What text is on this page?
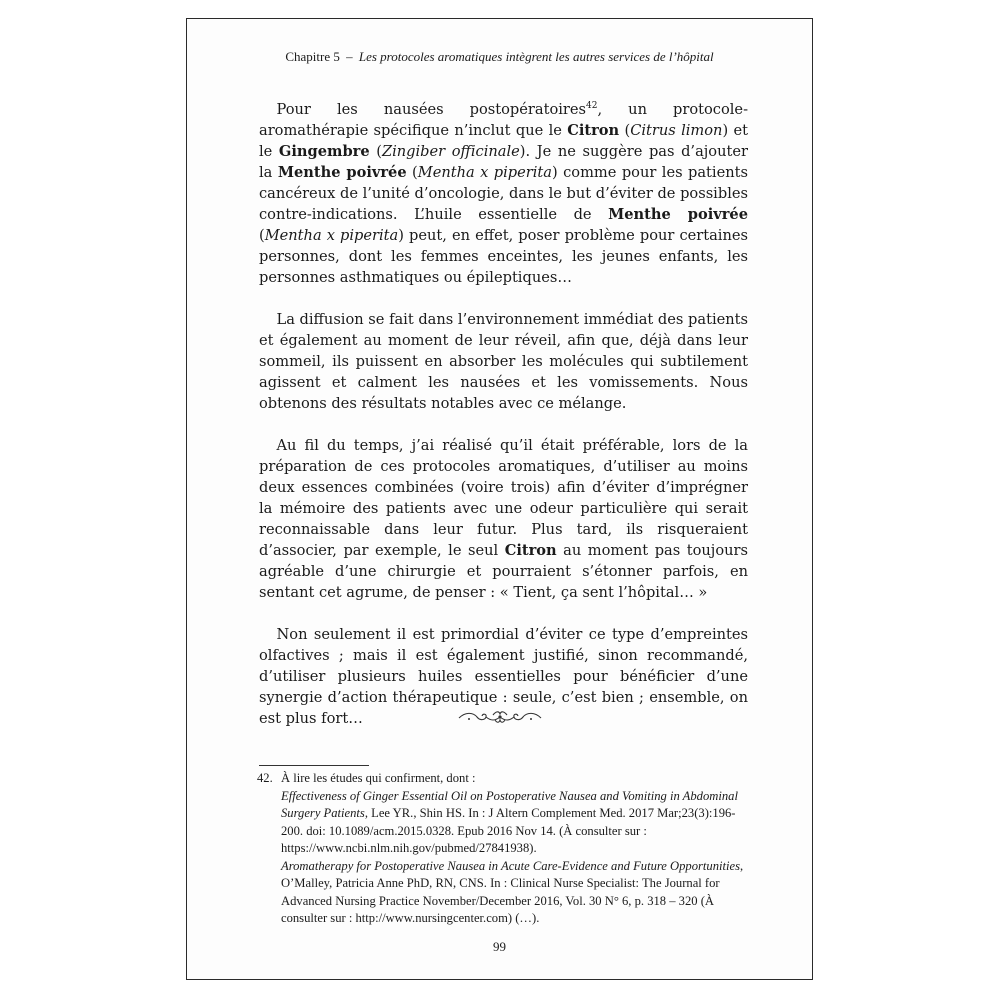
Chapitre 5 – Les protocoles aromatiques intègrent les autres services de l’hôpital

  Pour les nausées postopératoires$^{42}$, un protocole-aromathérapie spécifique n’inclut que le Citron (Citrus limon) et le Gingembre (Zingiber officinale). Je ne suggère pas d’ajouter la Menthe poivrée (Mentha x piperita) comme pour les patients cancéreux de l’unité d’oncologie, dans le but d’éviter de possibles contre-indications. L’huile essentielle de Menthe poivrée (Mentha x piperita) peut, en effet, poser problème pour certaines personnes, dont les femmes enceintes, les jeunes enfants, les personnes asthmatiques ou épileptiques…

  La diffusion se fait dans l’environnement immédiat des patients et également au moment de leur réveil, afin que, déjà dans leur sommeil, ils puissent en absorber les molécules qui subtilement agissent et calment les nausées et les vomissements. Nous obtenons des résultats notables avec ce mélange.

  Au fil du temps, j’ai réalisé qu’il était préférable, lors de la préparation de ces protocoles aromatiques, d’utiliser au moins deux essences combinées (voire trois) afin d’éviter d’imprégner la mémoire des patients avec une odeur particulière qui serait reconnaissable dans leur futur. Plus tard, ils risqueraient d’associer, par exemple, le seul Citron au moment pas toujours agréable d’une chirurgie et pourraient s’étonner parfois, en sentant cet agrume, de penser : « Tient, ça sent l’hôpital… »

  Non seulement il est primordial d’éviter ce type d’empreintes olfactives ; mais il est également justifié, sinon recommandé, d’utiliser plusieurs huiles essentielles pour bénéficier d’une synergie d’action thérapeutique : seule, c’est bien ; ensemble, on est plus fort…

42. À lire les études qui confirment, dont :
Effectiveness of Ginger Essential Oil on Postoperative Nausea and Vomiting in Abdominal Surgery Patients, Lee YR., Shin HS. In : J Altern Complement Med. 2017 Mar;23(3):196-200. doi: 10.1089/acm.2015.0328. Epub 2016 Nov 14. (À consulter sur : https://www.ncbi.nlm.nih.gov/pubmed/27841938).
Aromatherapy for Postoperative Nausea in Acute Care-Evidence and Future Opportunities, O’Malley, Patricia Anne PhD, RN, CNS. In : Clinical Nurse Specialist: The Journal for Advanced Nursing Practice November/December 2016, Vol. 30 N° 6, p. 318 – 320 (À consulter sur : http://www.nursingcenter.com) (…).
99
